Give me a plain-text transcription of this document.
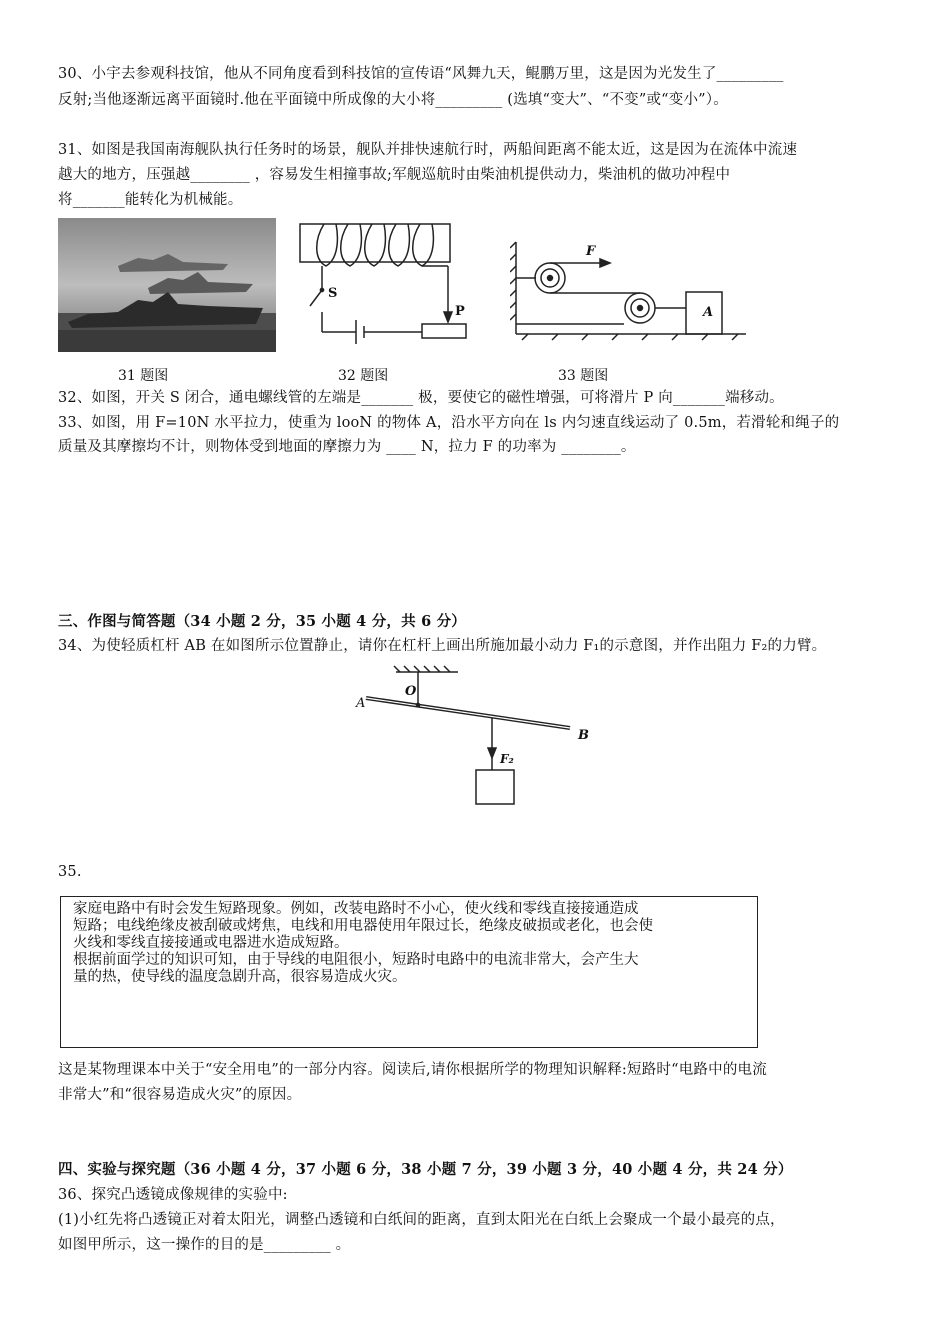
30、小宇去参观科技馆，他从不同角度看到科技馆的宣传语“风舞九天，鲲鹏万里，这是因为光发生了_________
反射;当他逐渐远离平面镜时.他在平面镜中所成像的大小将_________ (选填“变大”、“不变”或“变小”）。
31、如图是我国南海舰队执行任务时的场景，舰队并排快速航行时，两船间距离不能太近，这是因为在流体中流速
越大的地方，压强越________ ，容易发生相撞事故;军舰巡航时由柴油机提供动力，柴油机的做功冲程中
将_______能转化为机械能。
31 题图
S
P
32 题图
F
A
33 题图
32、如图，开关 S 闭合，通电螺线管的左端是_______ 极，要使它的磁性增强，可将滑片 P 向_______端移动。
33、如图，用 F=10N 水平拉力，使重为 looN 的物体 A，沿水平方向在 ls 内匀速直线运动了 0.5m，若滑轮和绳子的
质量及其摩擦均不计，则物体受到地面的摩擦力为 ____ N，拉力 F 的功率为 ________。
三、作图与简答题（34 小题 2 分，35 小题 4 分，共 6 分）
34、为使轻质杠杆 AB 在如图所示位置静止，请你在杠杆上画出所施加最小动力 F₁的示意图，并作出阻力 F₂的力臂。
A
O
B
F₂
35.
家庭电路中有时会发生短路现象。例如，改装电路时不小心，使火线和零线直接接通造成
短路；电线绝缘皮被刮破或烤焦，电线和用电器使用年限过长，绝缘皮破损或老化，也会使
火线和零线直接接通或电器进水造成短路。
根据前面学过的知识可知，由于导线的电阻很小，短路时电路中的电流非常大，会产生大
量的热，使导线的温度急剧升高，很容易造成火灾。
这是某物理课本中关于“安全用电”的一部分内容。阅读后,请你根据所学的物理知识解释:短路时“电路中的电流
非常大”和“很容易造成火灾”的原因。
四、实验与探究题（36 小题 4 分，37 小题 6 分，38 小题 7 分，39 小题 3 分，40 小题 4 分，共 24 分）
36、探究凸透镜成像规律的实验中:
(1)小红先将凸透镜正对着太阳光，调整凸透镜和白纸间的距离，直到太阳光在白纸上会聚成一个最小最亮的点，
如图甲所示，这一操作的目的是_________ 。
